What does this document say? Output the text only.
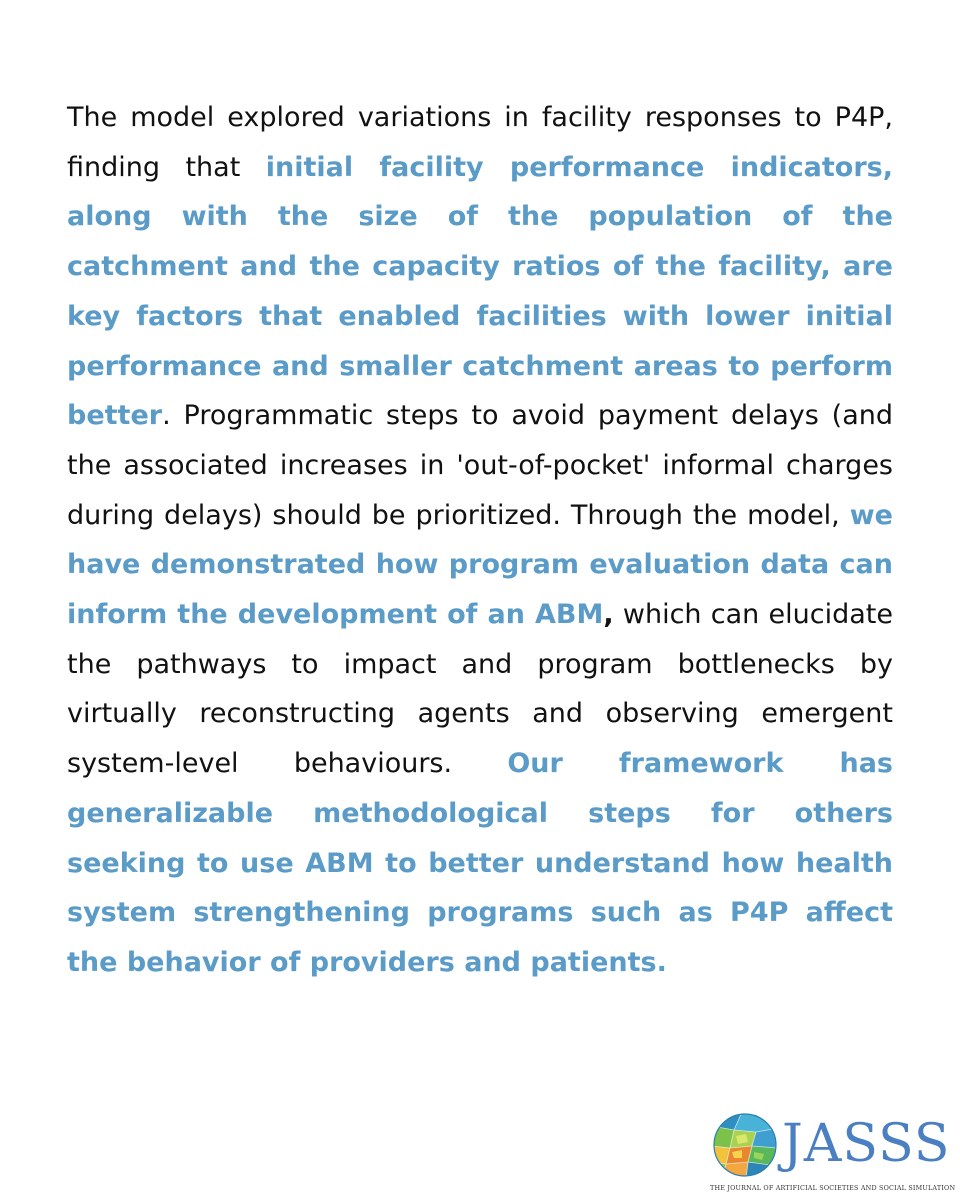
The model explored variations in facility responses to P4P, finding that initial facility performance indicators, along with the size of the population of the catchment and the capacity ratios of the facility, are key factors that enabled facilities with lower initial performance and smaller catchment areas to perform better. Programmatic steps to avoid payment delays (and the associated increases in 'out-of-pocket' informal charges during delays) should be prioritized. Through the model, we have demonstrated how program evaluation data can inform the development of an ABM, which can elucidate the pathways to impact and program bottlenecks by virtually reconstructing agents and observing emergent system-level behaviours. Our framework has generalizable methodological steps for others seeking to use ABM to better understand how health system strengthening programs such as P4P affect the behavior of providers and patients.

JASSS
THE JOURNAL OF ARTIFICIAL SOCIETIES AND SOCIAL SIMULATION
